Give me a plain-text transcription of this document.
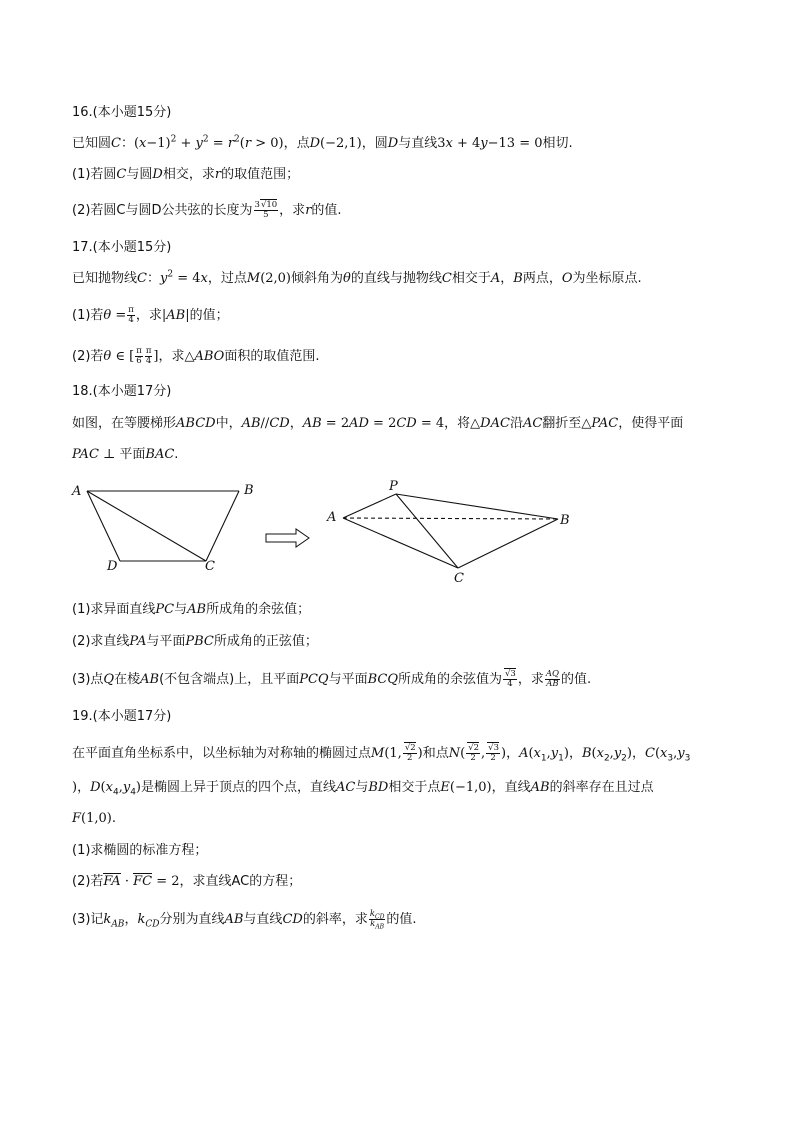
16.(本小题15分)
已知圆C：$(x-1)^2 + y^2 = r^2(r > 0)$，点D(−2,1)，圆D与直线3x + 4y−13 = 0相切.
(1)若圆C与圆D相交，求r的取值范围；
(2)若圆C与圆D公共弦的长度为 $\frac{3√10}{5}$ ，求r的值.
17.(本小题15分)
已知抛物线C：$y^2 = 4x$，过点M(2,0)倾斜角为θ的直线与抛物线C相交于A，B两点，O为坐标原点.
(1)若$\theta = \frac{\pi}{4}$ ，求|AB|的值；
(2)若θ ∈ [ $\frac{\pi}{6} \frac{\pi}{4}$ ]，求△ABO面积的取值范围.
18.(本小题17分)
如图，在等腰梯形ABCD中，AB//CD，AB = 2AD = 2CD = 4，将△DAC沿AC翻折至△PAC，使得平面
PAC ⊥ 平面BAC.
A	B
D	C
P
A	B
C
(1)求异面直线PC与AB所成角的余弦值；
(2)求直线PA与平面PBC所成角的正弦值；
(3)点Q在棱AB(不包含端点)上，且平面PCQ与平面BCQ所成角的余弦值为 $\frac{√3}{4}$ ，求 $\frac{AQ}{AB}$ 的值.
19.(本小题17分)
在平面直角坐标系中，以坐标轴为对称轴的椭圆过点M(1, $\frac{√2}{2}$ )和点$N( \frac{√2}{2}$ , $\frac{√3}{2}$ )，$A(x_1,y_1)$，$B(x_2,y_2)$，$C(x_3,y_3$
)，$D(x_4,y_4)$是椭圆上异于顶点的四个点，直线AC与BD相交于点E(−1,0)，直线AB的斜率存在且过点
F(1,0).
(1)求椭圆的标准方程；
(2)若FA · FC = 2，求直线AC的方程；
(3)记$k_{AB}$，$k_{CD}$分别为直线AB与直线CD的斜率，求 $\frac{k_{CD}}{k_{AB}}$ 的值.
